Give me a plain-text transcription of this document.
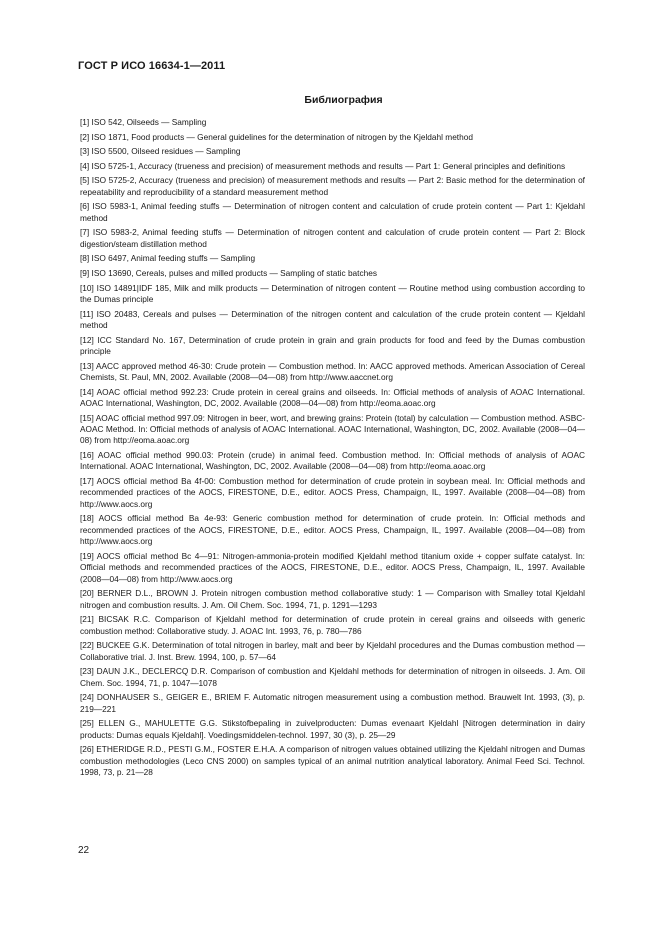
ГОСТ Р ИСО 16634-1—2011
Библиография
[1] ISO 542, Oilseeds — Sampling
[2] ISO 1871, Food products — General guidelines for the determination of nitrogen by the Kjeldahl method
[3] ISO 5500, Oilseed residues — Sampling
[4] ISO 5725-1, Accuracy (trueness and precision) of measurement methods and results — Part 1: General principles and definitions
[5] ISO 5725-2, Accuracy (trueness and precision) of measurement methods and results — Part 2: Basic method for the determination of repeatability and reproducibility of a standard measurement method
[6] ISO 5983-1, Animal feeding stuffs — Determination of nitrogen content and calculation of crude protein content — Part 1: Kjeldahl method
[7] ISO 5983-2, Animal feeding stuffs — Determination of nitrogen content and calculation of crude protein content — Part 2: Block digestion/steam distillation method
[8] ISO 6497, Animal feeding stuffs — Sampling
[9] ISO 13690, Cereals, pulses and milled products — Sampling of static batches
[10] ISO 14891|IDF 185, Milk and milk products — Determination of nitrogen content — Routine method using combustion according to the Dumas principle
[11] ISO 20483, Cereals and pulses — Determination of the nitrogen content and calculation of the crude protein content — Kjeldahl method
[12] ICC Standard No. 167, Determination of crude protein in grain and grain products for food and feed by the Dumas combustion principle
[13] AACC approved method 46-30: Crude protein — Combustion method. In: AACC approved methods. American Association of Cereal Chemists, St. Paul, MN, 2002. Available (2008—04—08) from http://www.aaccnet.org
[14] AOAC official method 992.23: Crude protein in cereal grains and oilseeds. In: Official methods of analysis of AOAC International. AOAC International, Washington, DC, 2002. Available (2008—04—08) from http://eoma.aoac.org
[15] AOAC official method 997.09: Nitrogen in beer, wort, and brewing grains: Protein (total) by calculation — Combustion method. ASBC-AOAC Method. In: Official methods of analysis of AOAC International. AOAC International, Washington, DC, 2002. Available (2008—04—08) from http://eoma.aoac.org
[16] AOAC official method 990.03: Protein (crude) in animal feed. Combustion method. In: Official methods of analysis of AOAC International. AOAC International, Washington, DC, 2002. Available (2008—04—08) from http://eoma.aoac.org
[17] AOCS official method Ba 4f-00: Combustion method for determination of crude protein in soybean meal. In: Official methods and recommended practices of the AOCS, FIRESTONE, D.E., editor. AOCS Press, Champaign, IL, 1997. Available (2008—04—08) from http://www.aocs.org
[18] AOCS official method Ba 4e-93: Generic combustion method for determination of crude protein. In: Official methods and recommended practices of the AOCS, FIRESTONE, D.E., editor. AOCS Press, Champaign, IL, 1997. Available (2008—04—08) from http://www.aocs.org
[19] AOCS official method Bc 4—91: Nitrogen-ammonia-protein modified Kjeldahl method titanium oxide + copper sulfate catalyst. In: Official methods and recommended practices of the AOCS, FIRESTONE, D.E., editor. AOCS Press, Champaign, IL, 1997. Available (2008—04—08) from http://www.aocs.org
[20] BERNER D.L., BROWN J. Protein nitrogen combustion method collaborative study: 1 — Comparison with Smalley total Kjeldahl nitrogen and combustion results. J. Am. Oil Chem. Soc. 1994, 71, p. 1291—1293
[21] BICSAK R.C. Comparison of Kjeldahl method for determination of crude protein in cereal grains and oilseeds with generic combustion method: Collaborative study. J. AOAC Int. 1993, 76, p. 780—786
[22] BUCKEE G.K. Determination of total nitrogen in barley, malt and beer by Kjeldahl procedures and the Dumas combustion method — Collaborative trial. J. Inst. Brew. 1994, 100, p. 57—64
[23] DAUN J.K., DECLERCQ D.R. Comparison of combustion and Kjeldahl methods for determination of nitrogen in oilseeds. J. Am. Oil Chem. Soc. 1994, 71, p. 1047—1078
[24] DONHAUSER S., GEIGER E., BRIEM F. Automatic nitrogen measurement using a combustion method. Brauwelt Int. 1993, (3), p. 219—221
[25] ELLEN G., MAHULETTE G.G. Stikstofbepaling in zuivelproducten: Dumas evenaart Kjeldahl [Nitrogen determination in dairy products: Dumas equals Kjeldahl]. Voedingsmiddelen-technol. 1997, 30 (3), p. 25—29
[26] ETHERIDGE R.D., PESTI G.M., FOSTER E.H.A. A comparison of nitrogen values obtained utilizing the Kjeldahl nitrogen and Dumas combustion methodologies (Leco CNS 2000) on samples typical of an animal nutrition analytical laboratory. Animal Feed Sci. Technol. 1998, 73, p. 21—28
22
